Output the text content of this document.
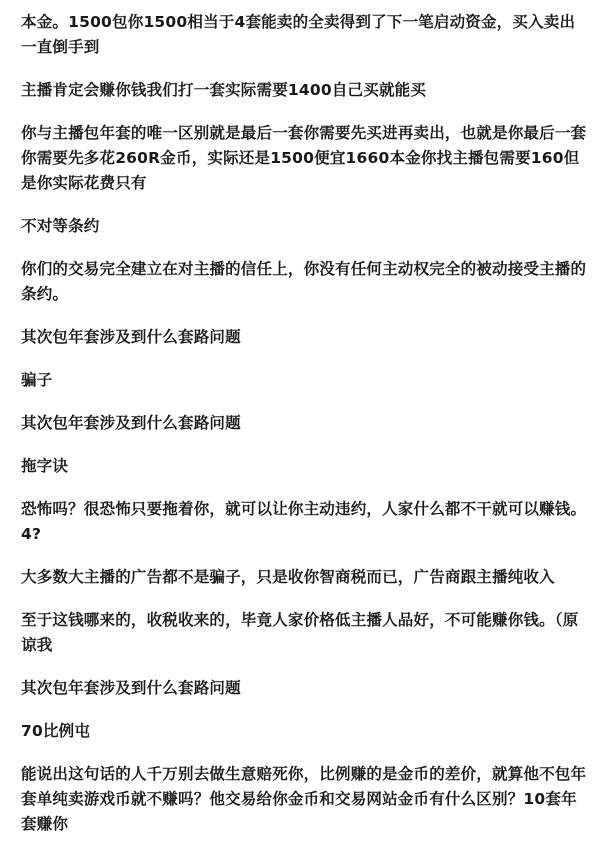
本金。1500包你1500相当于4套能卖的全卖得到了下一笔启动资金，买入卖出一直倒手到

主播肯定会赚你钱我们打一套实际需要1400自己买就能买

你与主播包年套的唯一区别就是最后一套你需要先买进再卖出，也就是你最后一套你需要先多花260R金币，实际还是1500便宜1660本金你找主播包需要160但是你实际花费只有

不对等条约

你们的交易完全建立在对主播的信任上，你没有任何主动权完全的被动接受主播的条约。

其次包年套涉及到什么套路问题

骗子

其次包年套涉及到什么套路问题

拖字诀

恐怖吗？很恐怖只要拖着你，就可以让你主动违约，人家什么都不干就可以赚钱。4?

大多数大主播的广告都不是骗子，只是收你智商税而已，广告商跟主播纯收入

至于这钱哪来的，收税收来的，毕竟人家价格低主播人品好，不可能赚你钱。（原谅我

其次包年套涉及到什么套路问题

70比例屯

能说出这句话的人千万别去做生意赔死你，比例赚的是金币的差价，就算他不包年套单纯卖游戏币就不赚吗？他交易给你金币和交易网站金币有什么区别？10套年套赚你
